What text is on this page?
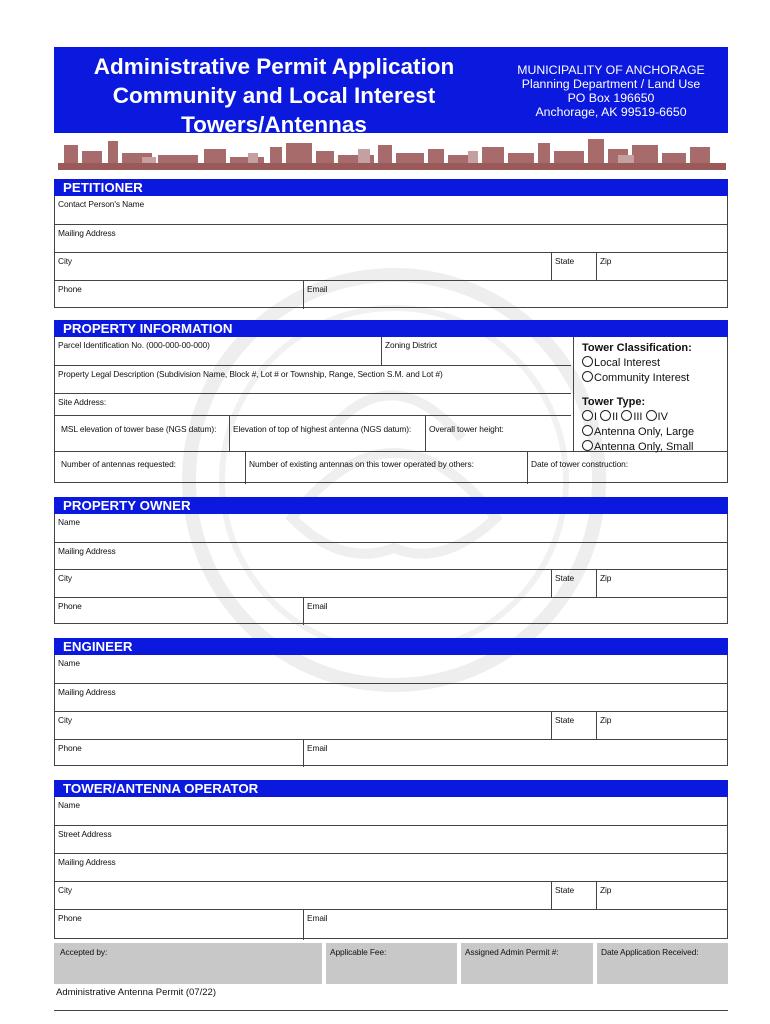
Administrative Permit Application
Community and Local Interest
Towers/Antennas
MUNICIPALITY OF ANCHORAGE
Planning Department / Land Use
PO Box 196650
Anchorage, AK 99519-6650
PETITIONER
Contact Person's Name
Mailing Address
City	State	Zip
Phone	Email
PROPERTY INFORMATION
Parcel Identification No. (000-000-00-000)	Zoning District
Property Legal Description (Subdivision Name, Block #, Lot # or Township, Range, Section S.M. and Lot #)
Site Address:
MSL elevation of tower base (NGS datum): Elevation of top of highest antenna (NGS datum): Overall tower height:
Number of antennas requested:	Number of existing antennas on this tower operated by others:	Date of tower construction:
Tower Classification:
Local Interest
Community Interest
Tower Type:
I II III IV
Antenna Only, Large
Antenna Only, Small
PROPERTY OWNER
Name
Mailing Address
City	State	Zip
Phone	Email
ENGINEER
Name
Mailing Address
City	State	Zip
Phone	Email
TOWER/ANTENNA OPERATOR
Name
Street Address
Mailing Address
City	State	Zip
Phone	Email
Accepted by:	Applicable Fee:	Assigned Admin Permit #:	Date Application Received:
Administrative Antenna Permit (07/22)
